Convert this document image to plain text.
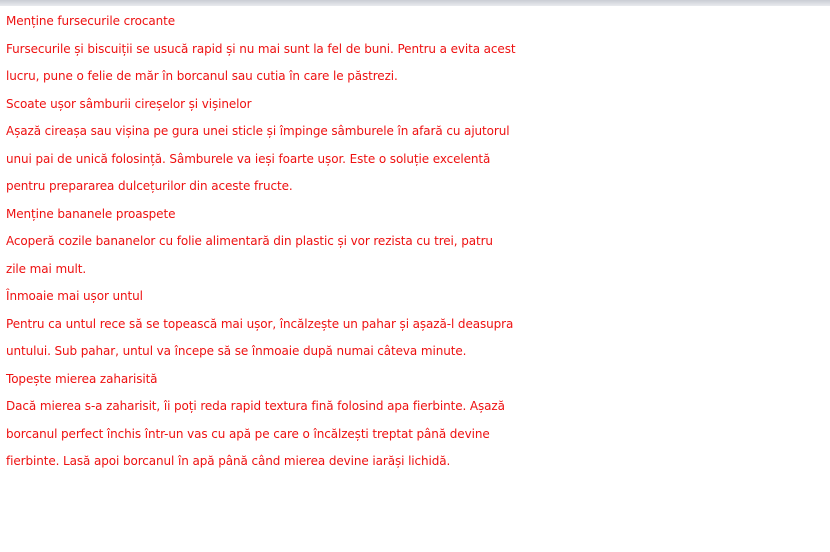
Menține fursecurile crocante
Fursecurile și biscuiții se usucă rapid și nu mai sunt la fel de buni. Pentru a evita acest
lucru, pune o felie de măr în borcanul sau cutia în care le păstrezi.
Scoate ușor sâmburii cireșelor și vișinelor
Așază cireașa sau vișina pe gura unei sticle și împinge sâmburele în afară cu ajutorul
unui pai de unică folosință. Sâmburele va ieși foarte ușor. Este o soluție excelentă
pentru prepararea dulcețurilor din aceste fructe.
Menține bananele proaspete
Acoperă cozile bananelor cu folie alimentară din plastic și vor rezista cu trei, patru
zile mai mult.
Înmoaie mai ușor untul
Pentru ca untul rece să se topească mai ușor, încălzește un pahar și așază-l deasupra
untului. Sub pahar, untul va începe să se înmoaie după numai câteva minute.
Topește mierea zaharisită
Dacă mierea s-a zaharisit, îi poți reda rapid textura fină folosind apa fierbinte. Așază
borcanul perfect închis într-un vas cu apă pe care o încălzești treptat până devine
fierbinte. Lasă apoi borcanul în apă până când mierea devine iarăși lichidă.
